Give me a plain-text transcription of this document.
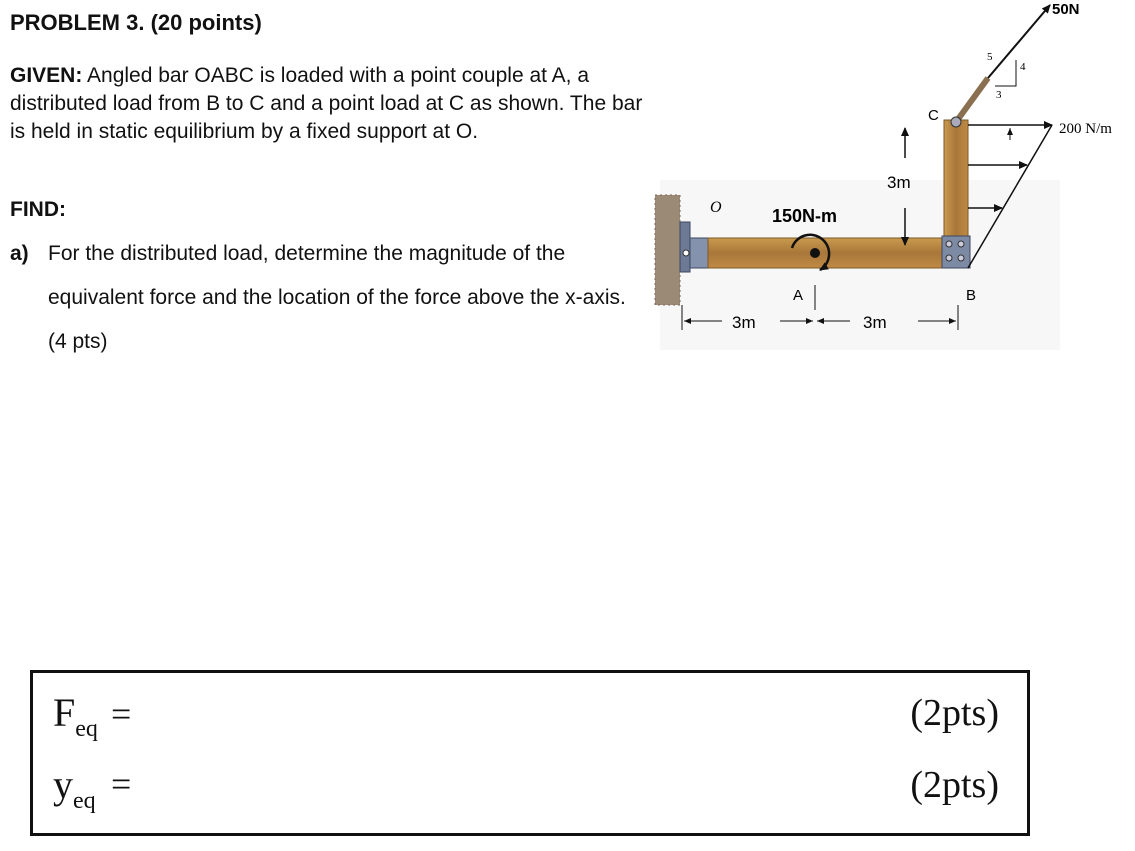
PROBLEM 3. (20 points)
GIVEN: Angled bar OABC is loaded with a point couple at A, a distributed load from B to C and a point load at C as shown. The bar is held in static equilibrium by a fixed support at O.
FIND:
a) For the distributed load, determine the magnitude of the equivalent force and the location of the force above the x-axis. (4 pts)
50N
5
4
3
200 N/m
O
C
B
A
150N-m
3m
3m	3m
$F_{eq}$ =	(2pts)
$y_{eq}$ =	(2pts)
